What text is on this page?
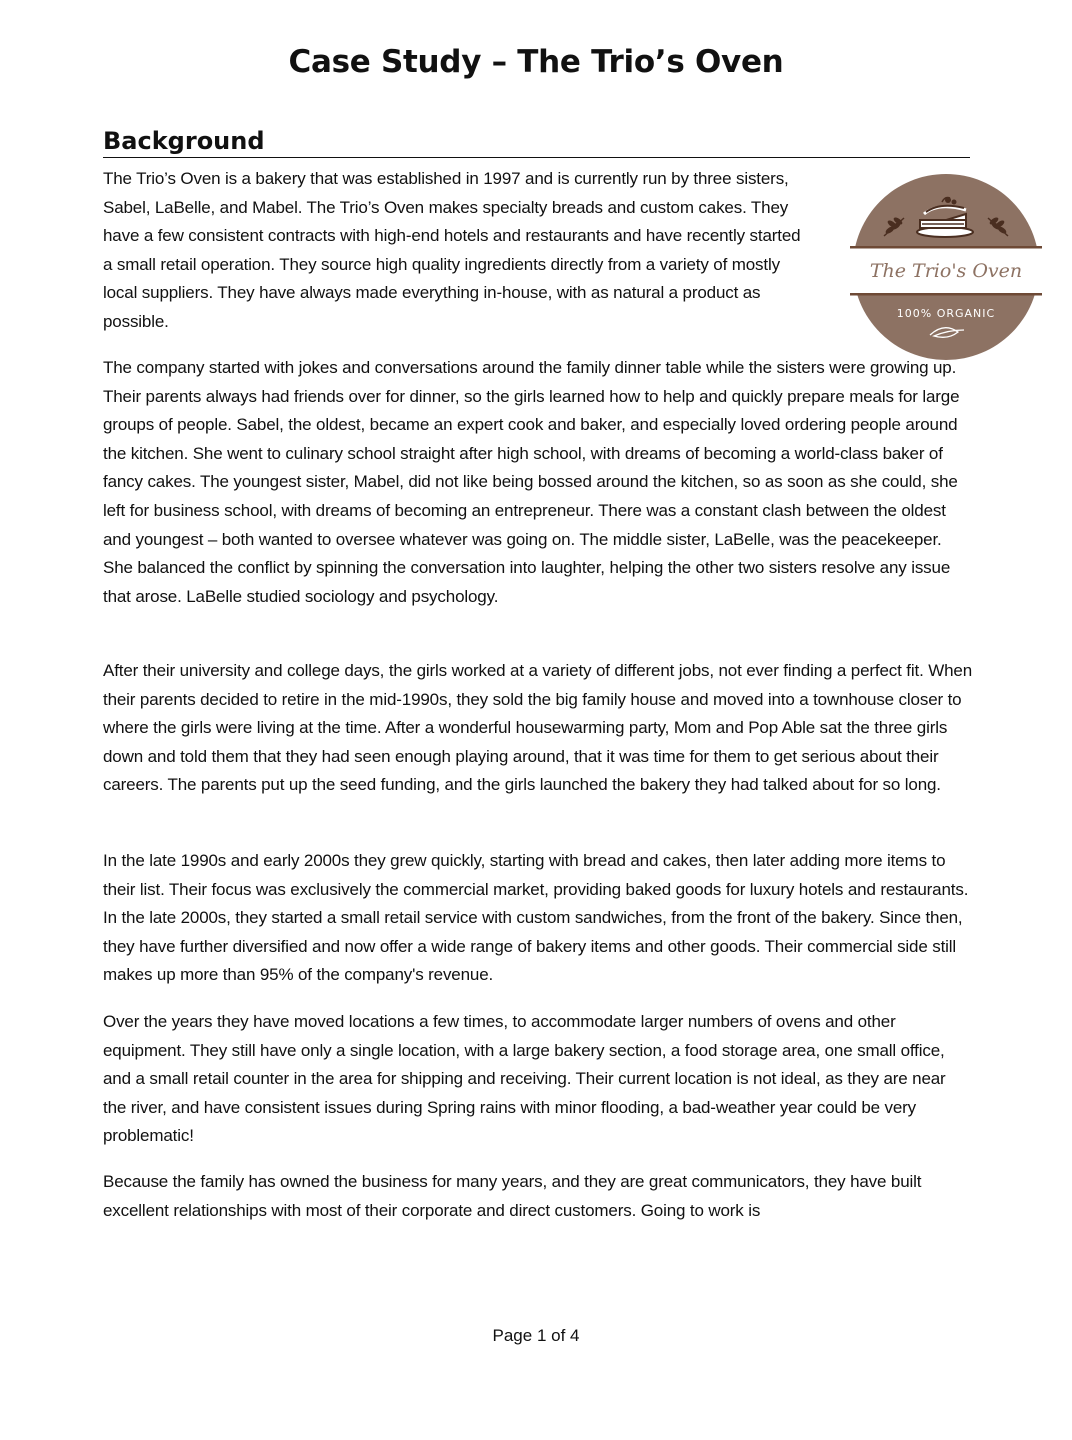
Case Study – The Trio’s Oven
Background
The Trio's Oven
100% ORGANIC

The Trio’s Oven is a bakery that was established in 1997 and is currently run by three sisters, Sabel, LaBelle, and Mabel. The Trio’s Oven makes specialty breads and custom cakes. They have a few consistent contracts with high-end hotels and restaurants and have recently started a small retail operation. They source high quality ingredients directly from a variety of mostly local suppliers. They have always made everything in-house, with as natural a product as possible.

The company started with jokes and conversations around the family dinner table while the sisters were growing up. Their parents always had friends over for dinner, so the girls learned how to help and quickly prepare meals for large groups of people. Sabel, the oldest, became an expert cook and baker, and especially loved ordering people around the kitchen. She went to culinary school straight after high school, with dreams of becoming a world-class baker of fancy cakes. The youngest sister, Mabel, did not like being bossed around the kitchen, so as soon as she could, she left for business school, with dreams of becoming an entrepreneur. There was a constant clash between the oldest and youngest – both wanted to oversee whatever was going on. The middle sister, LaBelle, was the peacekeeper. She balanced the conflict by spinning the conversation into laughter, helping the other two sisters resolve any issue that arose. LaBelle studied sociology and psychology.

After their university and college days, the girls worked at a variety of different jobs, not ever finding a perfect fit. When their parents decided to retire in the mid-1990s, they sold the big family house and moved into a townhouse closer to where the girls were living at the time. After a wonderful housewarming party, Mom and Pop Able sat the three girls down and told them that they had seen enough playing around, that it was time for them to get serious about their careers. The parents put up the seed funding, and the girls launched the bakery they had talked about for so long.

In the late 1990s and early 2000s they grew quickly, starting with bread and cakes, then later adding more items to their list. Their focus was exclusively the commercial market, providing baked goods for luxury hotels and restaurants. In the late 2000s, they started a small retail service with custom sandwiches, from the front of the bakery. Since then, they have further diversified and now offer a wide range of bakery items and other goods. Their commercial side still makes up more than 95% of the company's revenue.

Over the years they have moved locations a few times, to accommodate larger numbers of ovens and other equipment. They still have only a single location, with a large bakery section, a food storage area, one small office, and a small retail counter in the area for shipping and receiving. Their current location is not ideal, as they are near the river, and have consistent issues during Spring rains with minor flooding, a bad-weather year could be very problematic!

Because the family has owned the business for many years, and they are great communicators, they have built excellent relationships with most of their corporate and direct customers. Going to work is

Page 1 of 4
